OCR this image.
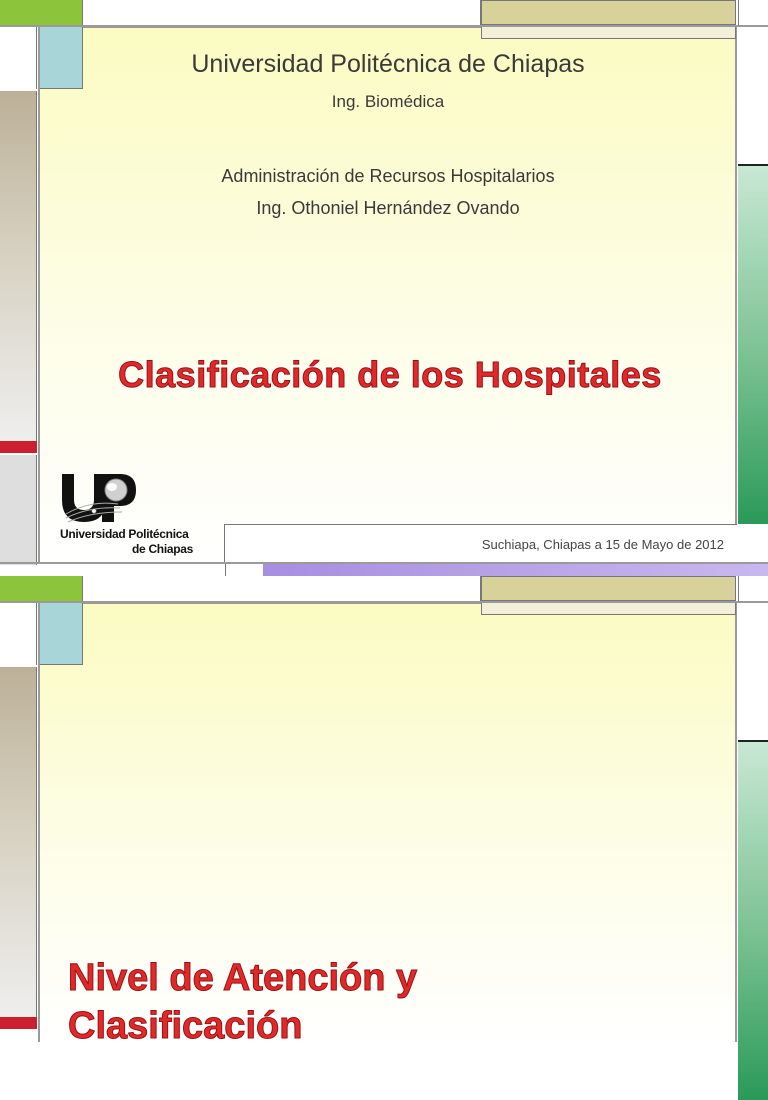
Universidad Politécnica de Chiapas
Ing. Biomédica
Administración de Recursos Hospitalarios
Ing. Othoniel Hernández Ovando
Clasificación de los Hospitales
Universidad Politécnica
de Chiapas	Suchiapa, Chiapas a 15 de Mayo de 2012
Nivel de Atención y
Clasificación
